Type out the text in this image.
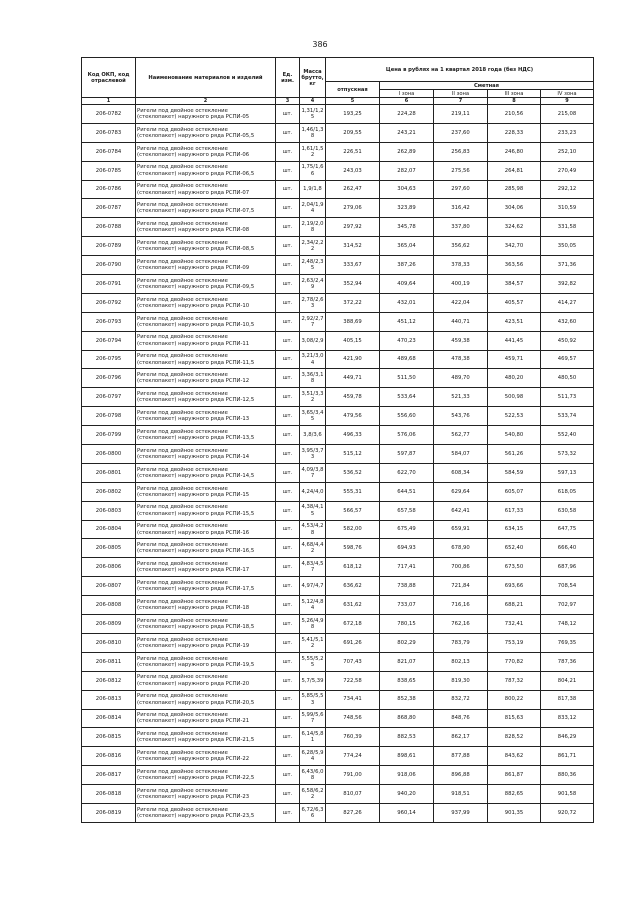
386
Код ОКП, код отраслевой	Наименование материалов и изделий	Ед. изм.	Масса брутто, кг	Цена в рублях на 1 квартал 2018 года (без НДС)				
				отпускная	Сметная			
					I зона	II зона	III зона	IV зона
1	2	3	4	5	6	7	8	9
206-0782	Ригели под двойное остекление
(стеклопакет) наружного ряда РСПИ-05	шт.	1,31/1,25	193,25	224,28	219,11	210,56	215,08
206-0783	Ригели под двойное остекление
(стеклопакет) наружного ряда РСПИ-05,5	шт.	1,46/1,38	209,55	243,21	237,60	228,33	233,23
206-0784	Ригели под двойное остекление
(стеклопакет) наружного ряда РСПИ-06	шт.	1,61/1,52	226,51	262,89	256,83	246,80	252,10
206-0785	Ригели под двойное остекление
(стеклопакет) наружного ряда РСПИ-06,5	шт.	1,75/1,66	243,03	282,07	275,56	264,81	270,49
206-0786	Ригели под двойное остекление
(стеклопакет) наружного ряда РСПИ-07	шт.	1,9/1,8	262,47	304,63	297,60	285,98	292,12
206-0787	Ригели под двойное остекление
(стеклопакет) наружного ряда РСПИ-07,5	шт.	2,04/1,94	279,06	323,89	316,42	304,06	310,59
206-0788	Ригели под двойное остекление
(стеклопакет) наружного ряда РСПИ-08	шт.	2,19/2,08	297,92	345,78	337,80	324,62	331,58
206-0789	Ригели под двойное остекление
(стеклопакет) наружного ряда РСПИ-08,5	шт.	2,34/2,22	314,52	365,04	356,62	342,70	350,05
206-0790	Ригели под двойное остекление
(стеклопакет) наружного ряда РСПИ-09	шт.	2,48/2,35	333,67	387,26	378,33	363,56	371,36
206-0791	Ригели под двойное остекление
(стеклопакет) наружного ряда РСПИ-09,5	шт.	2,63/2,49	352,94	409,64	400,19	384,57	392,82
206-0792	Ригели под двойное остекление
(стеклопакет) наружного ряда РСПИ-10	шт.	2,78/2,63	372,22	432,01	422,04	405,57	414,27
206-0793	Ригели под двойное остекление
(стеклопакет) наружного ряда РСПИ-10,5	шт.	2,92/2,77	388,69	451,12	440,71	423,51	432,60
206-0794	Ригели под двойное остекление
(стеклопакет) наружного ряда РСПИ-11	шт.	3,08/2,9	405,15	470,23	459,38	441,45	450,92
206-0795	Ригели под двойное остекление
(стеклопакет) наружного ряда РСПИ-11,5	шт.	3,21/3,04	421,90	489,68	478,38	459,71	469,57
206-0796	Ригели под двойное остекление
(стеклопакет) наружного ряда РСПИ-12	шт.	3,36/3,18	449,71	511,50	489,70	480,20	480,50
206-0797	Ригели под двойное остекление
(стеклопакет) наружного ряда РСПИ-12,5	шт.	3,51/3,32	459,78	533,64	521,33	500,98	511,73
206-0798	Ригели под двойное остекление
(стеклопакет) наружного ряда РСПИ-13	шт.	3,65/3,45	479,56	556,60	543,76	522,53	533,74
206-0799	Ригели под двойное остекление
(стеклопакет) наружного ряда РСПИ-13,5	шт.	3,8/3,6	496,33	576,06	562,77	540,80	552,40
206-0800	Ригели под двойное остекление
(стеклопакет) наружного ряда РСПИ-14	шт.	3,95/3,73	515,12	597,87	584,07	561,26	573,32
206-0801	Ригели под двойное остекление
(стеклопакет) наружного ряда РСПИ-14,5	шт.	4,09/3,87	536,52	622,70	608,34	584,59	597,13
206-0802	Ригели под двойное остекление
(стеклопакет) наружного ряда РСПИ-15	шт.	4,24/4,0	555,31	644,51	629,64	605,07	618,05
206-0803	Ригели под двойное остекление
(стеклопакет) наружного ряда РСПИ-15,5	шт.	4,38/4,15	566,57	657,58	642,41	617,33	630,58
206-0804	Ригели под двойное остекление
(стеклопакет) наружного ряда РСПИ-16	шт.	4,53/4,28	582,00	675,49	659,91	634,15	647,75
206-0805	Ригели под двойное остекление
(стеклопакет) наружного ряда РСПИ-16,5	шт.	4,68/4,42	598,76	694,93	678,90	652,40	666,40
206-0806	Ригели под двойное остекление
(стеклопакет) наружного ряда РСПИ-17	шт.	4,83/4,57	618,12	717,41	700,86	673,50	687,96
206-0807	Ригели под двойное остекление
(стеклопакет) наружного ряда РСПИ-17,5	шт.	4,97/4,7	636,62	738,88	721,84	693,66	708,54
206-0808	Ригели под двойное остекление
(стеклопакет) наружного ряда РСПИ-18	шт.	5,12/4,84	631,62	733,07	716,16	688,21	702,97
206-0809	Ригели под двойное остекление
(стеклопакет) наружного ряда РСПИ-18,5	шт.	5,26/4,98	672,18	780,15	762,16	732,41	748,12
206-0810	Ригели под двойное остекление
(стеклопакет) наружного ряда РСПИ-19	шт.	5,41/5,12	691,26	802,29	783,79	753,19	769,35
206-0811	Ригели под двойное остекление
(стеклопакет) наружного ряда РСПИ-19,5	шт.	5,55/5,25	707,43	821,07	802,13	770,82	787,36
206-0812	Ригели под двойное остекление
(стеклопакет) наружного ряда РСПИ-20	шт.	5,7/5,39	722,58	838,65	819,30	787,32	804,21
206-0813	Ригели под двойное остекление
(стеклопакет) наружного ряда РСПИ-20,5	шт.	5,85/5,53	734,41	852,38	832,72	800,22	817,38
206-0814	Ригели под двойное остекление
(стеклопакет) наружного ряда РСПИ-21	шт.	5,99/5,67	748,56	868,80	848,76	815,63	833,12
206-0815	Ригели под двойное остекление
(стеклопакет) наружного ряда РСПИ-21,5	шт.	6,14/5,81	760,39	882,53	862,17	828,52	846,29
206-0816	Ригели под двойное остекление
(стеклопакет) наружного ряда РСПИ-22	шт.	6,28/5,94	774,24	898,61	877,88	843,62	861,71
206-0817	Ригели под двойное остекление
(стеклопакет) наружного ряда РСПИ-22,5	шт.	6,43/6,08	791,00	918,06	896,88	861,87	880,36
206-0818	Ригели под двойное остекление
(стеклопакет) наружного ряда РСПИ-23	шт.	6,58/6,22	810,07	940,20	918,51	882,65	901,58
206-0819	Ригели под двойное остекление
(стеклопакет) наружного ряда РСПИ-23,5	шт.	6,72/6,36	827,26	960,14	937,99	901,35	920,72
